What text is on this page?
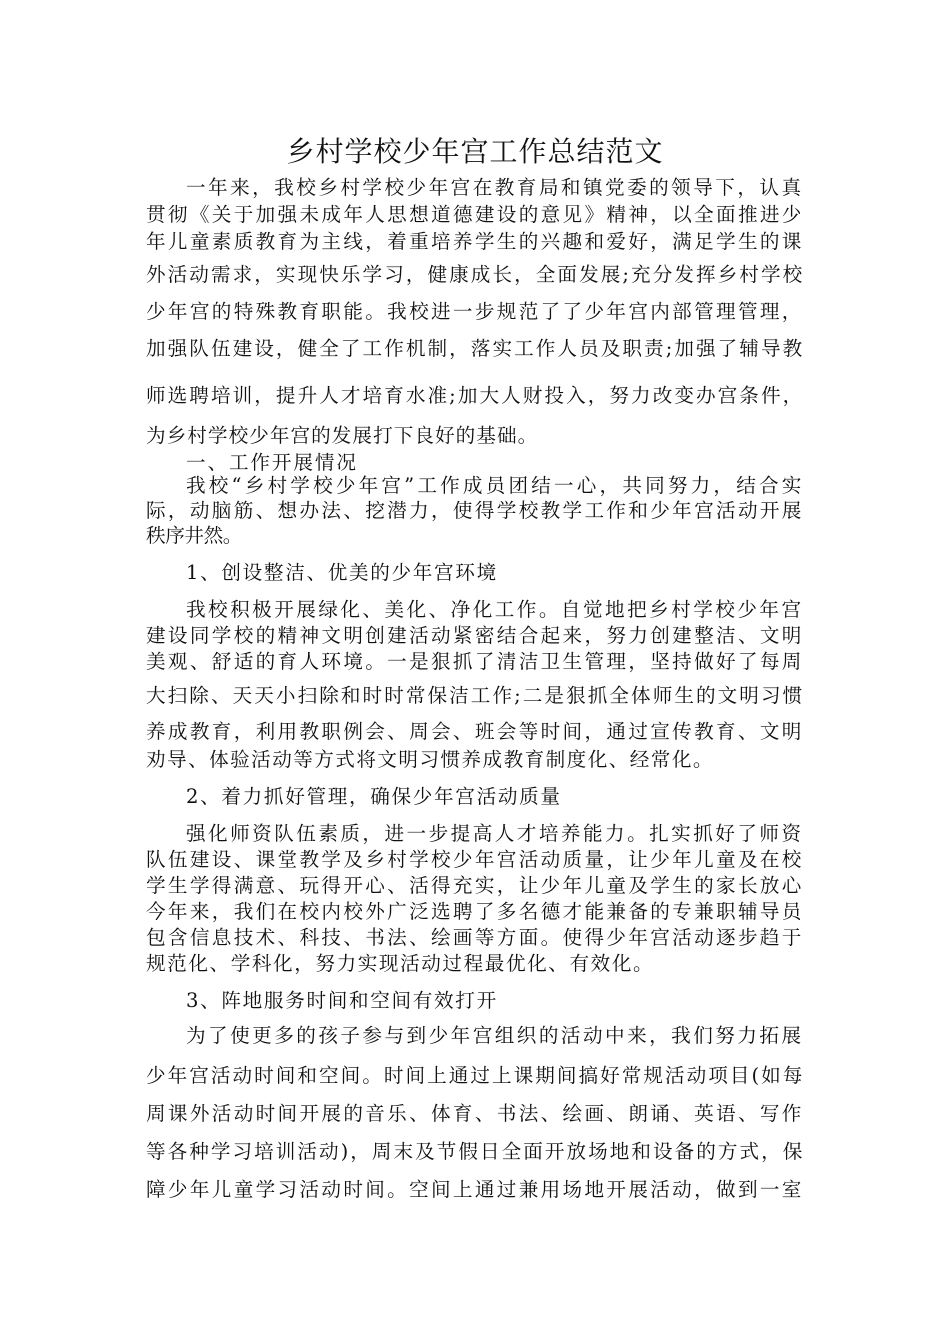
乡村学校少年宫工作总结范文
一年来，我校乡村学校少年宫在教育局和镇党委的领导下，认真
贯彻《关于加强未成年人思想道德建设的意见》精神，以全面推进少
年儿童素质教育为主线，着重培养学生的兴趣和爱好，满足学生的课
外活动需求，实现快乐学习，健康成长，全面发展;充分发挥乡村学校
少年宫的特殊教育职能。我校进一步规范了了少年宫内部管理管理，
加强队伍建设，健全了工作机制，落实工作人员及职责;加强了辅导教
师选聘培训，提升人才培育水准;加大人财投入，努力改变办宫条件，
为乡村学校少年宫的发展打下良好的基础。
一、工作开展情况
我校“乡村学校少年宫”工作成员团结一心，共同努力，结合实
际，动脑筋、想办法、挖潜力，使得学校教学工作和少年宫活动开展
秩序井然。
1、创设整洁、优美的少年宫环境
我校积极开展绿化、美化、净化工作。自觉地把乡村学校少年宫
建设同学校的精神文明创建活动紧密结合起来，努力创建整洁、文明
美观、舒适的育人环境。一是狠抓了清洁卫生管理，坚持做好了每周
大扫除、天天小扫除和时时常保洁工作;二是狠抓全体师生的文明习惯
养成教育，利用教职例会、周会、班会等时间，通过宣传教育、文明
劝导、体验活动等方式将文明习惯养成教育制度化、经常化。
2、着力抓好管理，确保少年宫活动质量
强化师资队伍素质，进一步提高人才培养能力。扎实抓好了师资
队伍建设、课堂教学及乡村学校少年宫活动质量，让少年儿童及在校
学生学得满意、玩得开心、活得充实，让少年儿童及学生的家长放心
今年来，我们在校内校外广泛选聘了多名德才能兼备的专兼职辅导员
包含信息技术、科技、书法、绘画等方面。使得少年宫活动逐步趋于
规范化、学科化，努力实现活动过程最优化、有效化。
3、阵地服务时间和空间有效打开
为了使更多的孩子参与到少年宫组织的活动中来，我们努力拓展
少年宫活动时间和空间。时间上通过上课期间搞好常规活动项目(如每
周课外活动时间开展的音乐、体育、书法、绘画、朗诵、英语、写作
等各种学习培训活动)，周末及节假日全面开放场地和设备的方式，保
障少年儿童学习活动时间。空间上通过兼用场地开展活动，做到一室
